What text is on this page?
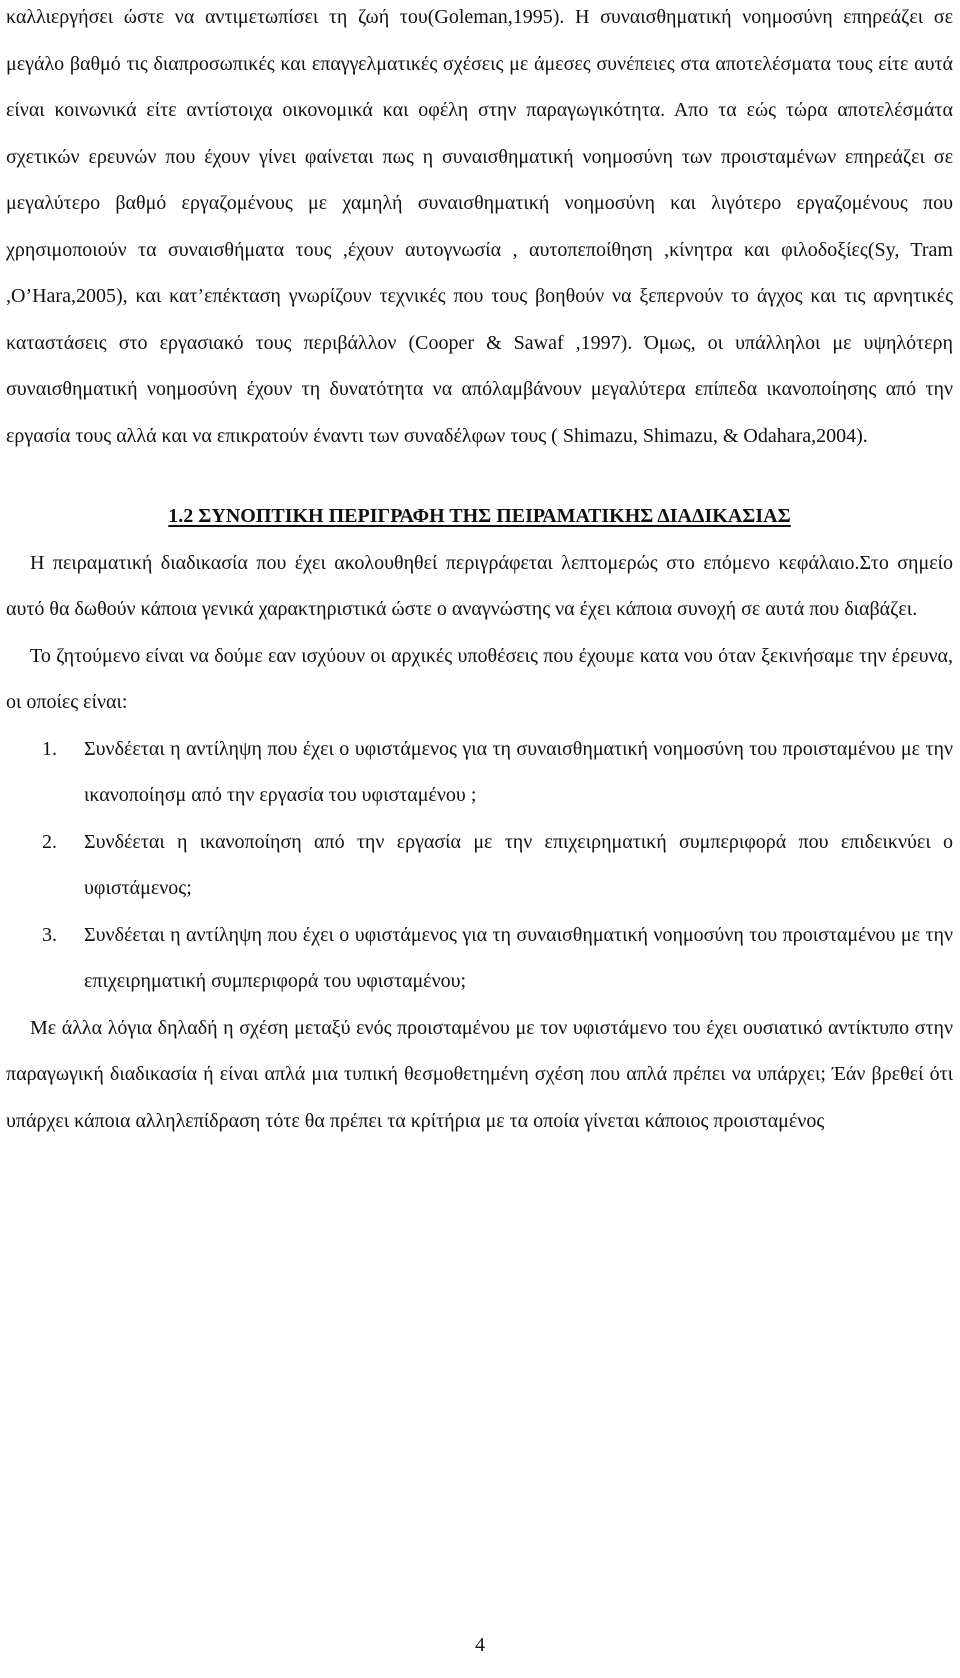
καλλιεργήσει ώστε να αντιμετωπίσει τη ζωή του(Goleman,1995). Η συναισθηματική νοημοσύνη επηρεάζει σε μεγάλο βαθμό τις διαπροσωπικές και επαγγελματικές σχέσεις με άμεσες συνέπειες στα αποτελέσματα τους είτε αυτά είναι κοινωνικά είτε αντίστοιχα οικονομικά και οφέλη στην παραγωγικότητα. Απο τα εώς τώρα αποτελέσμάτα σχετικών ερευνών που έχουν γίνει φαίνεται πως η συναισθηματική νοημοσύνη των προισταμένων επηρεάζει σε μεγαλύτερο βαθμό εργαζομένους με χαμηλή συναισθηματική νοημοσύνη και λιγότερο εργαζομένους που χρησιμοποιούν τα συναισθήματα τους ,έχουν αυτογνωσία , αυτοπεποίθηση ,κίνητρα και φιλοδοξίες(Sy, Tram ,O’Hara,2005), και κατ’επέκταση γνωρίζουν τεχνικές που τους βοηθούν να ξεπερνούν το άγχος και τις αρνητικές καταστάσεις στο εργασιακό τους περιβάλλον (Cooper & Sawaf ,1997). Όμως, οι υπάλληλοι με υψηλότερη συναισθηματική νοημοσύνη έχουν τη δυνατότητα να απόλαμβάνουν μεγαλύτερα επίπεδα ικανοποίησης από την εργασία τους αλλά και να επικρατούν έναντι των συναδέλφων τους ( Shimazu, Shimazu, & Odahara,2004).

1.2 ΣΥΝΟΠΤΙΚΗ ΠΕΡΙΓΡΑΦΗ ΤΗΣ ΠΕΙΡΑΜΑΤΙΚΗΣ ΔΙΑΔΙΚΑΣΙΑΣ

Η πειραματική διαδικασία που έχει ακολουθηθεί περιγράφεται λεπτομερώς στο επόμενο κεφάλαιο.Στο σημείο αυτό θα δωθούν κάποια γενικά χαρακτηριστικά ώστε ο αναγνώστης να έχει κάποια συνοχή σε αυτά που διαβάζει.

Το ζητούμενο είναι να δούμε εαν ισχύουν οι αρχικές υποθέσεις που έχουμε κατα νου όταν ξεκινήσαμε την έρευνα, οι οποίες είναι:

1. Συνδέεται η αντίληψη που έχει ο υφιστάμενος για τη συναισθηματική νοημοσύνη του προισταμένου με την ικανοποίησμ από την εργασία του υφισταμένου ;
2. Συνδέεται η ικανοποίηση από την εργασία με την επιχειρηματική συμπεριφορά που επιδεικνύει ο υφιστάμενος;
3. Συνδέεται η αντίληψη που έχει ο υφιστάμενος για τη συναισθηματική νοημοσύνη του προισταμένου με την επιχειρηματική συμπεριφορά του υφισταμένου;

Με άλλα λόγια δηλαδή η σχέση μεταξύ ενός προισταμένου με τον υφιστάμενο του έχει ουσιατικό αντίκτυπο στην παραγωγική διαδικασία ή είναι απλά μια τυπική θεσμοθετημένη σχέση που απλά πρέπει να υπάρχει; Έάν βρεθεί ότι υπάρχει κάποια αλληλεπίδραση τότε θα πρέπει τα κρίτήρια με τα οποία γίνεται κάποιος προισταμένος

4
